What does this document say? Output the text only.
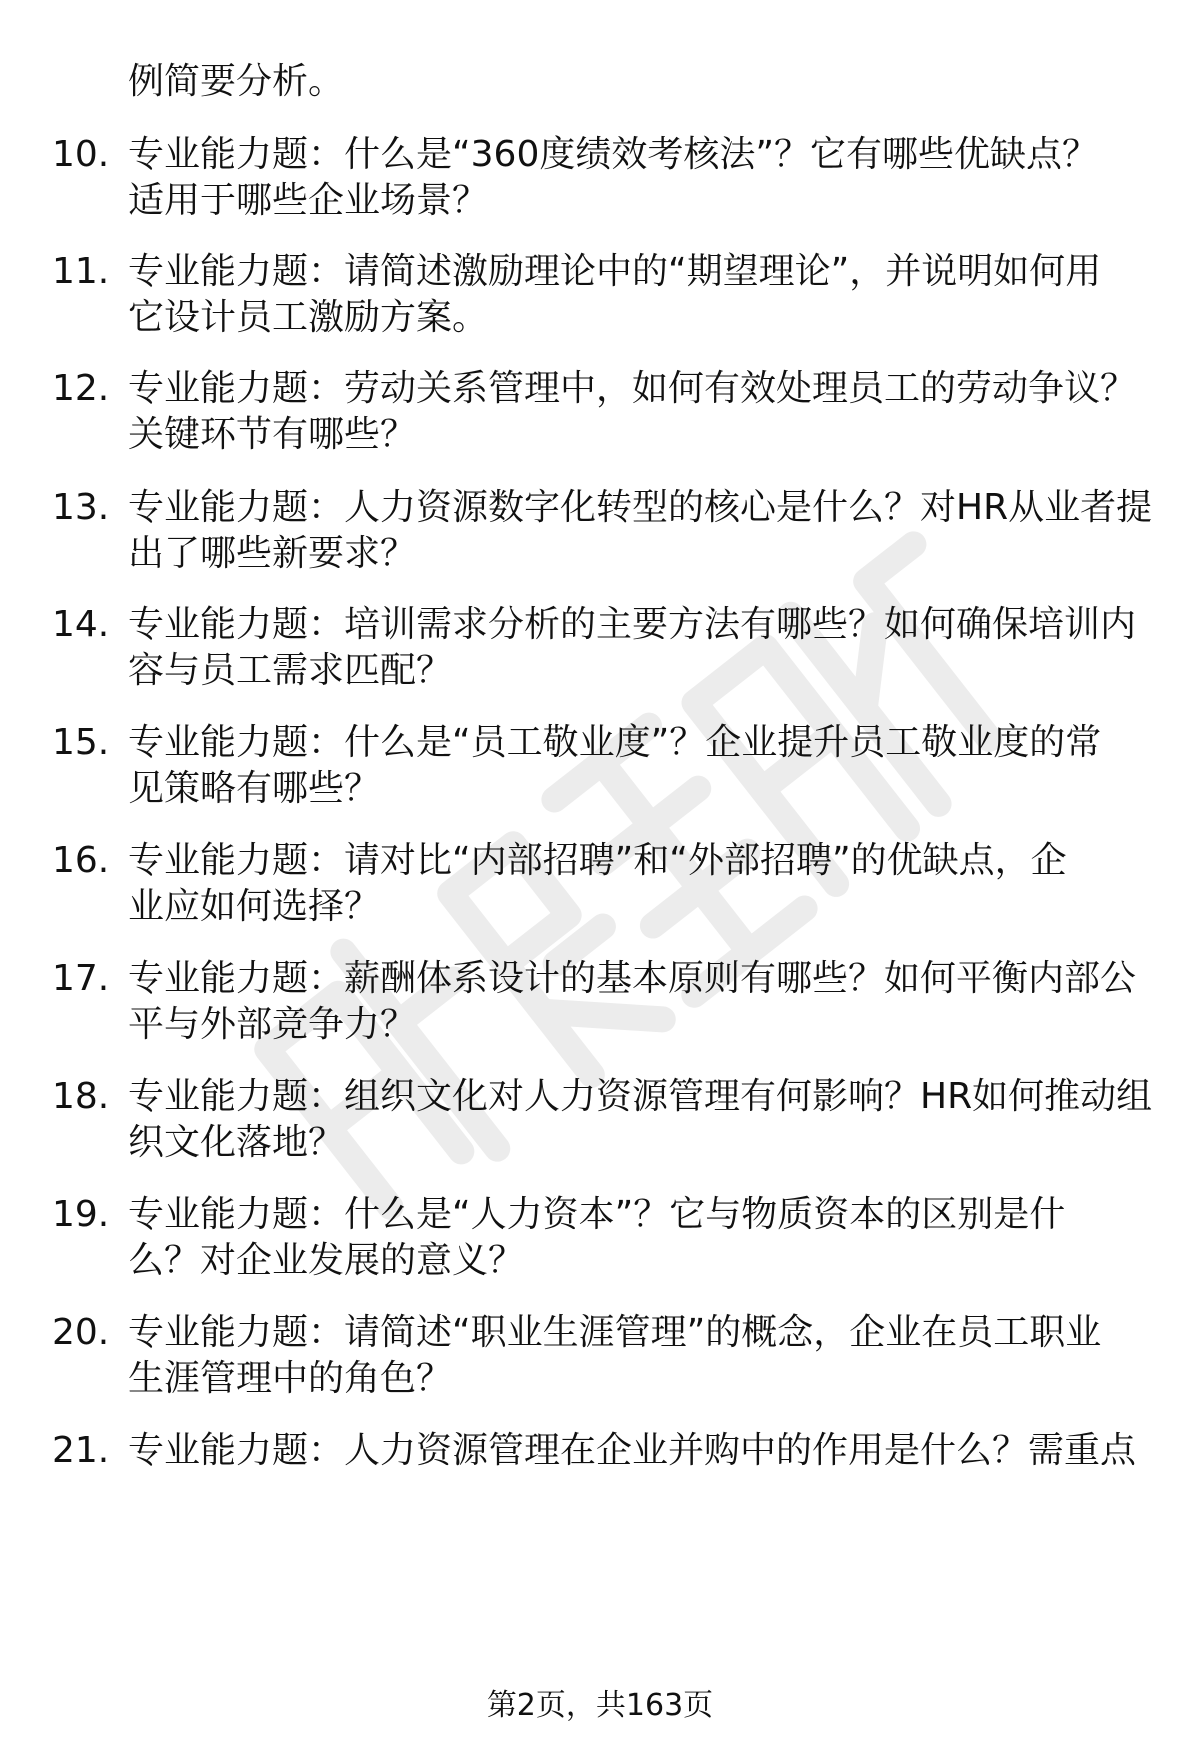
例简要分析。
10. 专业能力题：什么是“360度绩效考核法”？它有哪些优缺点？
适用于哪些企业场景？
11. 专业能力题：请简述激励理论中的“期望理论”，并说明如何用
它设计员工激励方案。
12. 专业能力题：劳动关系管理中，如何有效处理员工的劳动争议？
关键环节有哪些？
13. 专业能力题：人力资源数字化转型的核心是什么？对HR从业者提
出了哪些新要求？
14. 专业能力题：培训需求分析的主要方法有哪些？如何确保培训内
容与员工需求匹配？
15. 专业能力题：什么是“员工敬业度”？企业提升员工敬业度的常
见策略有哪些？
16. 专业能力题：请对比“内部招聘”和“外部招聘”的优缺点，企
业应如何选择？
17. 专业能力题：薪酬体系设计的基本原则有哪些？如何平衡内部公
平与外部竞争力？
18. 专业能力题：组织文化对人力资源管理有何影响？HR如何推动组
织文化落地？
19. 专业能力题：什么是“人力资本”？它与物质资本的区别是什
么？对企业发展的意义？
20. 专业能力题：请简述“职业生涯管理”的概念，企业在员工职业
生涯管理中的角色？
21. 专业能力题：人力资源管理在企业并购中的作用是什么？需重点
第2页，共163页
